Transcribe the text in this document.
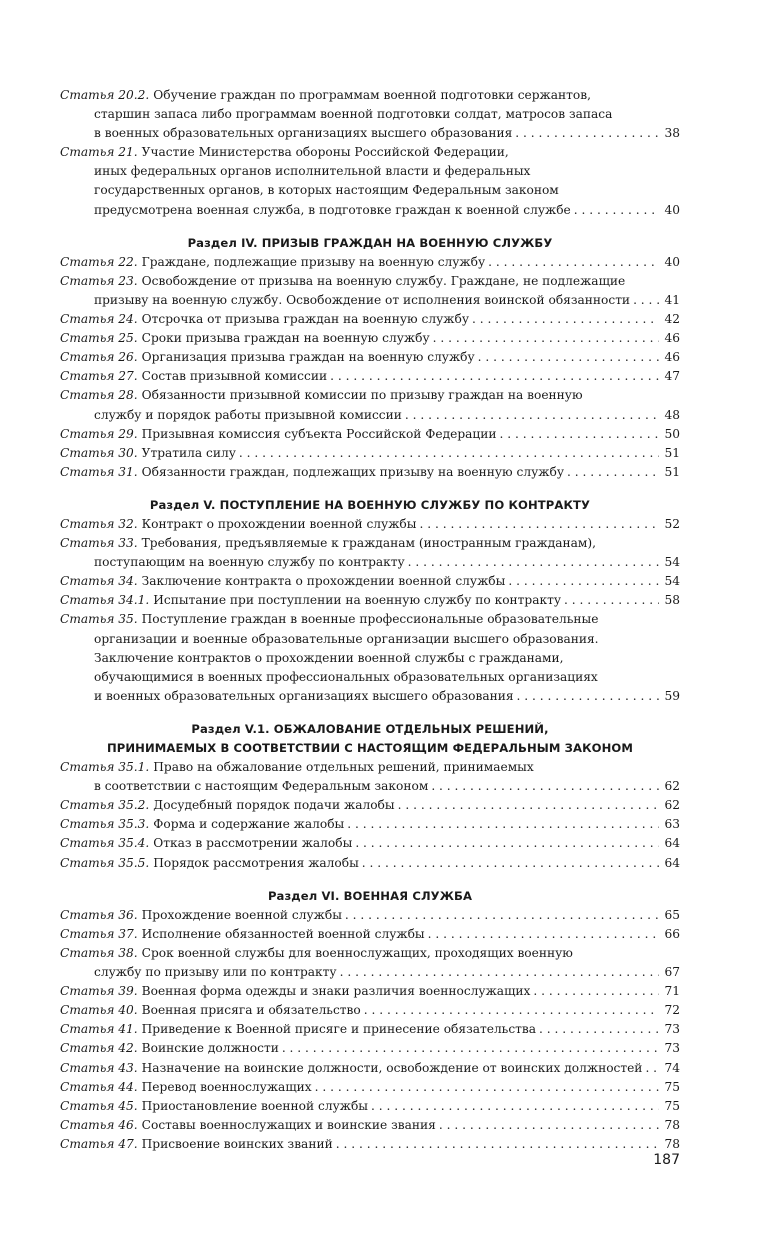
Статья 20.2. Обучение граждан по программам военной подготовки сержантов,
старшин запаса либо программам военной подготовки солдат, матросов запаса
в военных образовательных организациях высшего образования . . .	38
Статья 21. Участие Министерства обороны Российской Федерации,
иных федеральных органов исполнительной власти и федеральных
государственных органов, в которых настоящим Федеральным законом
предусмотрена военная служба, в подготовке граждан к военной службе . . .	40
Раздел IV. ПРИЗЫВ ГРАЖДАН НА ВОЕННУЮ СЛУЖБУ
Статья 22. Граждане, подлежащие призыву на военную службу . . .	40
Статья 23. Освобождение от призыва на военную службу. Граждане, не подлежащие
призыву на военную службу. Освобождение от исполнения воинской обязанности . . .	41
Статья 24. Отсрочка от призыва граждан на военную службу . . .	42
Статья 25. Сроки призыва граждан на военную службу . . .	46
Статья 26. Организация призыва граждан на военную службу . . .	46
Статья 27. Состав призывной комиссии . . .	47
Статья 28. Обязанности призывной комиссии по призыву граждан на военную
службу и порядок работы призывной комиссии . . .	48
Статья 29. Призывная комиссия субъекта Российской Федерации . . .	50
Статья 30. Утратила силу . . .	51
Статья 31. Обязанности граждан, подлежащих призыву на военную службу . . .	51
Раздел V. ПОСТУПЛЕНИЕ НА ВОЕННУЮ СЛУЖБУ ПО КОНТРАКТУ
Статья 32. Контракт о прохождении военной службы . . .	52
Статья 33. Требования, предъявляемые к гражданам (иностранным гражданам),
поступающим на военную службу по контракту . . .	54
Статья 34. Заключение контракта о прохождении военной службы . . .	54
Статья 34.1. Испытание при поступлении на военную службу по контракту . . .	58
Статья 35. Поступление граждан в военные профессиональные образовательные
организации и военные образовательные организации высшего образования.
Заключение контрактов о прохождении военной службы с гражданами,
обучающимися в военных профессиональных образовательных организациях
и военных образовательных организациях высшего образования . . .	59
Раздел V.1. ОБЖАЛОВАНИЕ ОТДЕЛЬНЫХ РЕШЕНИЙ,
ПРИНИМАЕМЫХ В СООТВЕТСТВИИ С НАСТОЯЩИМ ФЕДЕРАЛЬНЫМ ЗАКОНОМ
Статья 35.1. Право на обжалование отдельных решений, принимаемых
в соответствии с настоящим Федеральным законом . . .	62
Статья 35.2. Досудебный порядок подачи жалобы . . .	62
Статья 35.3. Форма и содержание жалобы . . .	63
Статья 35.4. Отказ в рассмотрении жалобы . . .	64
Статья 35.5. Порядок рассмотрения жалобы . . .	64
Раздел VI. ВОЕННАЯ СЛУЖБА
Статья 36. Прохождение военной службы . . .	65
Статья 37. Исполнение обязанностей военной службы . . .	66
Статья 38. Срок военной службы для военнослужащих, проходящих военную
службу по призыву или по контракту . . .	67
Статья 39. Военная форма одежды и знаки различия военнослужащих . . .	71
Статья 40. Военная присяга и обязательство . . .	72
Статья 41. Приведение к Военной присяге и принесение обязательства . . .	73
Статья 42. Воинские должности . . .	73
Статья 43. Назначение на воинские должности, освобождение от воинских должностей . . . 74
Статья 44. Перевод военнослужащих . . .	75
Статья 45. Приостановление военной службы . . .	75
Статья 46. Составы военнослужащих и воинские звания . . .	78
Статья 47. Присвоение воинских званий . . .	78
187
